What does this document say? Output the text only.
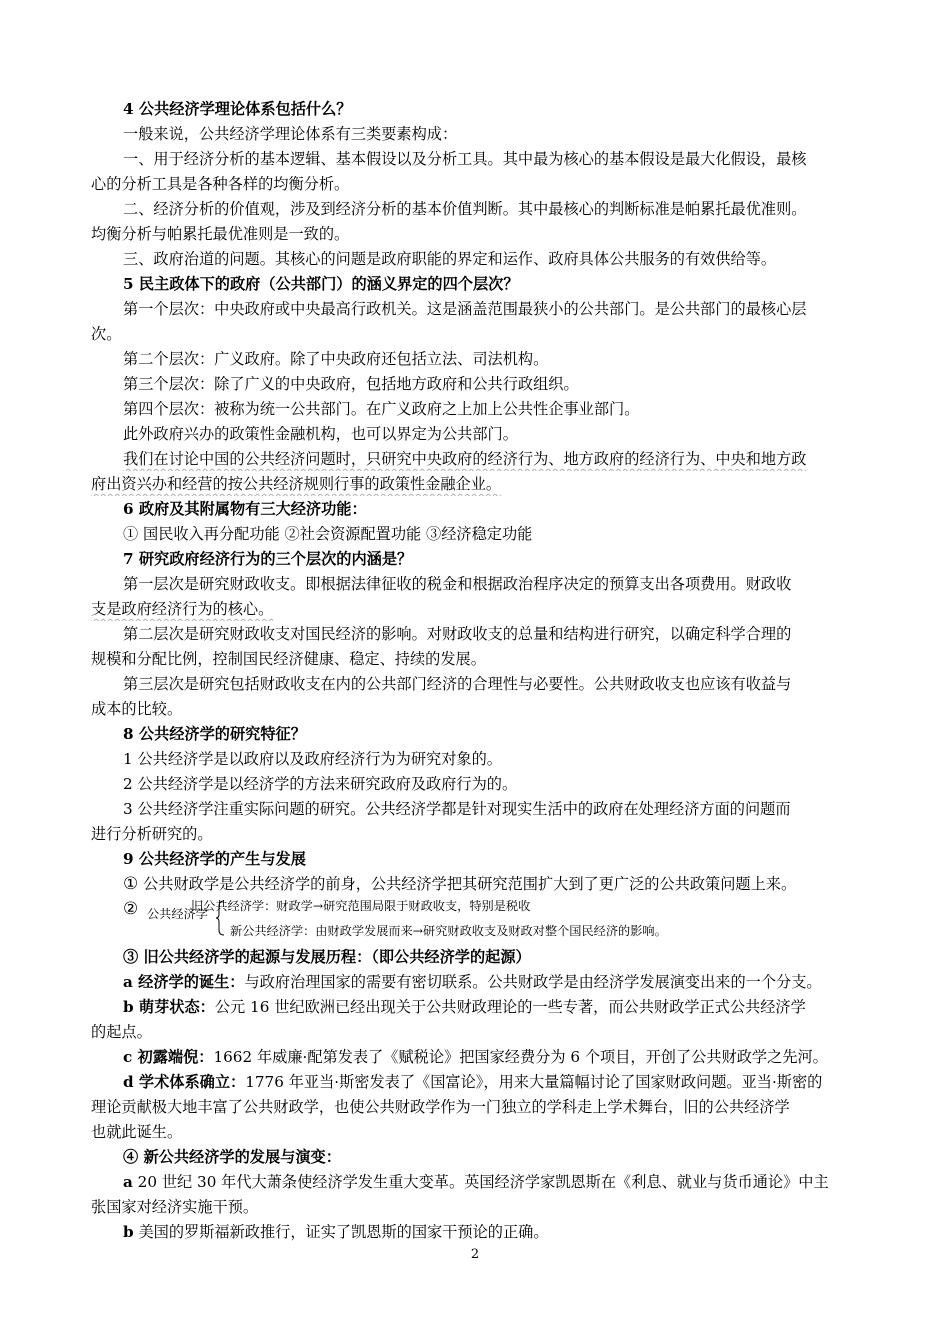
4 公共经济学理论体系包括什么？
一般来说，公共经济学理论体系有三类要素构成：
一、用于经济分析的基本逻辑、基本假设以及分析工具。其中最为核心的基本假设是最大化假设，最核
心的分析工具是各种各样的均衡分析。
二、经济分析的价值观，涉及到经济分析的基本价值判断。其中最核心的判断标准是帕累托最优准则。
均衡分析与帕累托最优准则是一致的。
三、政府治道的问题。其核心的问题是政府职能的界定和运作、政府具体公共服务的有效供给等。
5 民主政体下的政府（公共部门）的涵义界定的四个层次？
第一个层次：中央政府或中央最高行政机关。这是涵盖范围最狭小的公共部门。是公共部门的最核心层
次。
第二个层次：广义政府。除了中央政府还包括立法、司法机构。
第三个层次：除了广义的中央政府，包括地方政府和公共行政组织。
第四个层次：被称为统一公共部门。在广义政府之上加上公共性企事业部门。
此外政府兴办的政策性金融机构，也可以界定为公共部门。
我们在讨论中国的公共经济问题时，只研究中央政府的经济行为、地方政府的经济行为、中央和地方政
府出资兴办和经营的按公共经济规则行事的政策性金融企业。
6 政府及其附属物有三大经济功能：
① 国民收入再分配功能 ②社会资源配置功能 ③经济稳定功能
7 研究政府经济行为的三个层次的内涵是？
第一层次是研究财政收支。即根据法律征收的税金和根据政治程序决定的预算支出各项费用。财政收
支是政府经济行为的核心。
第二层次是研究财政收支对国民经济的影响。对财政收支的总量和结构进行研究，以确定科学合理的
规模和分配比例，控制国民经济健康、稳定、持续的发展。
第三层次是研究包括财政收支在内的公共部门经济的合理性与必要性。公共财政收支也应该有收益与
成本的比较。
8 公共经济学的研究特征？
1 公共经济学是以政府以及政府经济行为为研究对象的。
2 公共经济学是以经济学的方法来研究政府及政府行为的。
3 公共经济学注重实际问题的研究。公共经济学都是针对现实生活中的政府在处理经济方面的问题而
进行分析研究的。
9 公共经济学的产生与发展
① 公共财政学是公共经济学的前身，公共经济学把其研究范围扩大到了更广泛的公共政策问题上来。
② 公共经济学
旧公共经济学：财政学→研究范围局限于财政收支，特别是税收
新公共经济学：由财政学发展而来→研究财政收支及财政对整个国民经济的影响。
③ 旧公共经济学的起源与发展历程：（即公共经济学的起源）
a 经济学的诞生：与政府治理国家的需要有密切联系。公共财政学是由经济学发展演变出来的一个分支。
b 萌芽状态：公元 16 世纪欧洲已经出现关于公共财政理论的一些专著，而公共财政学正式公共经济学
的起点。
c 初露端倪：1662 年威廉·配第发表了《赋税论》把国家经费分为 6 个项目，开创了公共财政学之先河。
d 学术体系确立：1776 年亚当·斯密发表了《国富论》，用来大量篇幅讨论了国家财政问题。亚当·斯密的
理论贡献极大地丰富了公共财政学，也使公共财政学作为一门独立的学科走上学术舞台，旧的公共经济学
也就此诞生。
④ 新公共经济学的发展与演变：
a 20 世纪 30 年代大萧条使经济学发生重大变革。英国经济学家凯恩斯在《利息、就业与货币通论》中主
张国家对经济实施干预。
b 美国的罗斯福新政推行，证实了凯恩斯的国家干预论的正确。
2
